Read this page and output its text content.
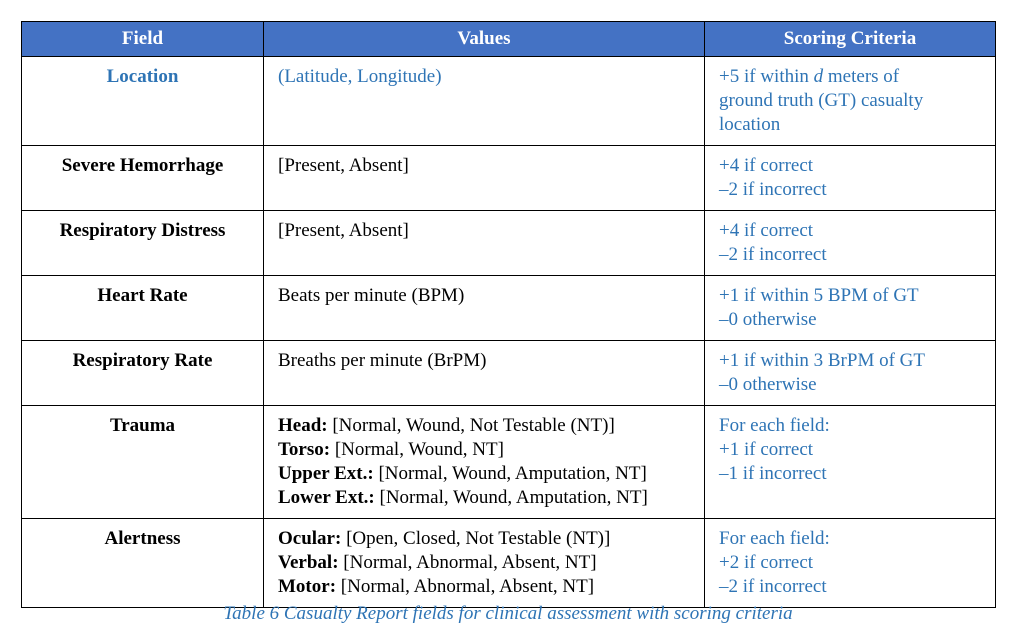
Field	Values	Scoring Criteria
Location	(Latitude, Longitude)	+5 if within d meters of
ground truth (GT) casualty
location

Severe Hemorrhage	[Present, Absent]	+4 if correct
–2 if incorrect

Respiratory Distress	[Present, Absent]	+4 if correct
–2 if incorrect

Heart Rate	Beats per minute (BPM)	+1 if within 5 BPM of GT
–0 otherwise

Respiratory Rate	Breaths per minute (BrPM)	+1 if within 3 BrPM of GT
–0 otherwise

Trauma	Head: [Normal, Wound, Not Testable (NT)]
Torso: [Normal, Wound, NT]
Upper Ext.: [Normal, Wound, Amputation, NT]
Lower Ext.: [Normal, Wound, Amputation, NT]	For each field:
+1 if correct
–1 if incorrect

Alertness	Ocular: [Open, Closed, Not Testable (NT)]
Verbal: [Normal, Abnormal, Absent, NT]
Motor: [Normal, Abnormal, Absent, NT]	For each field:
+2 if correct
–2 if incorrect
Table 6 Casualty Report fields for clinical assessment with scoring criteria
